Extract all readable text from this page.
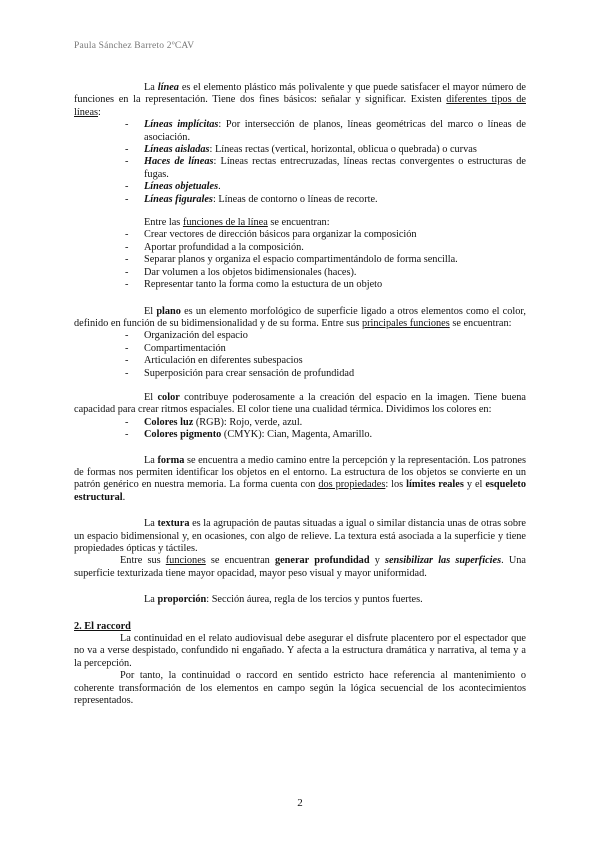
Paula Sánchez Barreto 2ºCAV

La línea es el elemento plástico más polivalente y que puede satisfacer el mayor número de funciones en la representación. Tiene dos fines básicos: señalar y significar. Existen diferentes tipos de líneas:

- Líneas implícitas: Por intersección de planos, líneas geométricas del marco o líneas de asociación.
- Líneas aisladas: Líneas rectas (vertical, horizontal, oblicua o quebrada) o curvas
- Haces de líneas: Líneas rectas entrecruzadas, líneas rectas convergentes o estructuras de fugas.
- Líneas objetuales.
- Líneas figurales: Líneas de contorno o líneas de recorte.

Entre las funciones de la línea se encuentran:

- Crear vectores de dirección básicos para organizar la composición
- Aportar profundidad a la composición.
- Separar planos y organiza el espacio compartimentándolo de forma sencilla.
- Dar volumen a los objetos bidimensionales (haces).
- Representar tanto la forma como la estuctura de un objeto

El plano es un elemento morfológico de superficie ligado a otros elementos como el color, definido en función de su bidimensionalidad y de su forma. Entre sus principales funciones se encuentran:

- Organización del espacio
- Compartimentación
- Articulación en diferentes subespacios
- Superposición para crear sensación de profundidad

El color contribuye poderosamente a la creación del espacio en la imagen. Tiene buena capacidad para crear ritmos espaciales. El color tiene una cualidad térmica. Dividimos los colores en:

- Colores luz (RGB): Rojo, verde, azul.
- Colores pigmento (CMYK): Cian, Magenta, Amarillo.

La forma se encuentra a medio camino entre la percepción y la representación. Los patrones de formas nos permiten identificar los objetos en el entorno. La estructura de los objetos se convierte en un patrón genérico en nuestra memoria. La forma cuenta con dos propiedades: los límites reales y el esqueleto estructural.

La textura es la agrupación de pautas situadas a igual o similar distancia unas de otras sobre un espacio bidimensional y, en ocasiones, con algo de relieve. La textura está asociada a la superficie y tiene propiedades ópticas y táctiles.

Entre sus funciones se encuentran generar profundidad y sensibilizar las superficies. Una superficie texturizada tiene mayor opacidad, mayor peso visual y mayor uniformidad.

La proporción: Sección áurea, regla de los tercios y puntos fuertes.

2. El raccord

La continuidad en el relato audiovisual debe asegurar el disfrute placentero por el espectador que no va a verse despistado, confundido ni engañado. Y afecta a la estructura dramática y narrativa, al tema y a la percepción.

Por tanto, la continuidad o raccord en sentido estricto hace referencia al mantenimiento o coherente transformación de los elementos en campo según la lógica secuencial de los acontecimientos representados.

2
